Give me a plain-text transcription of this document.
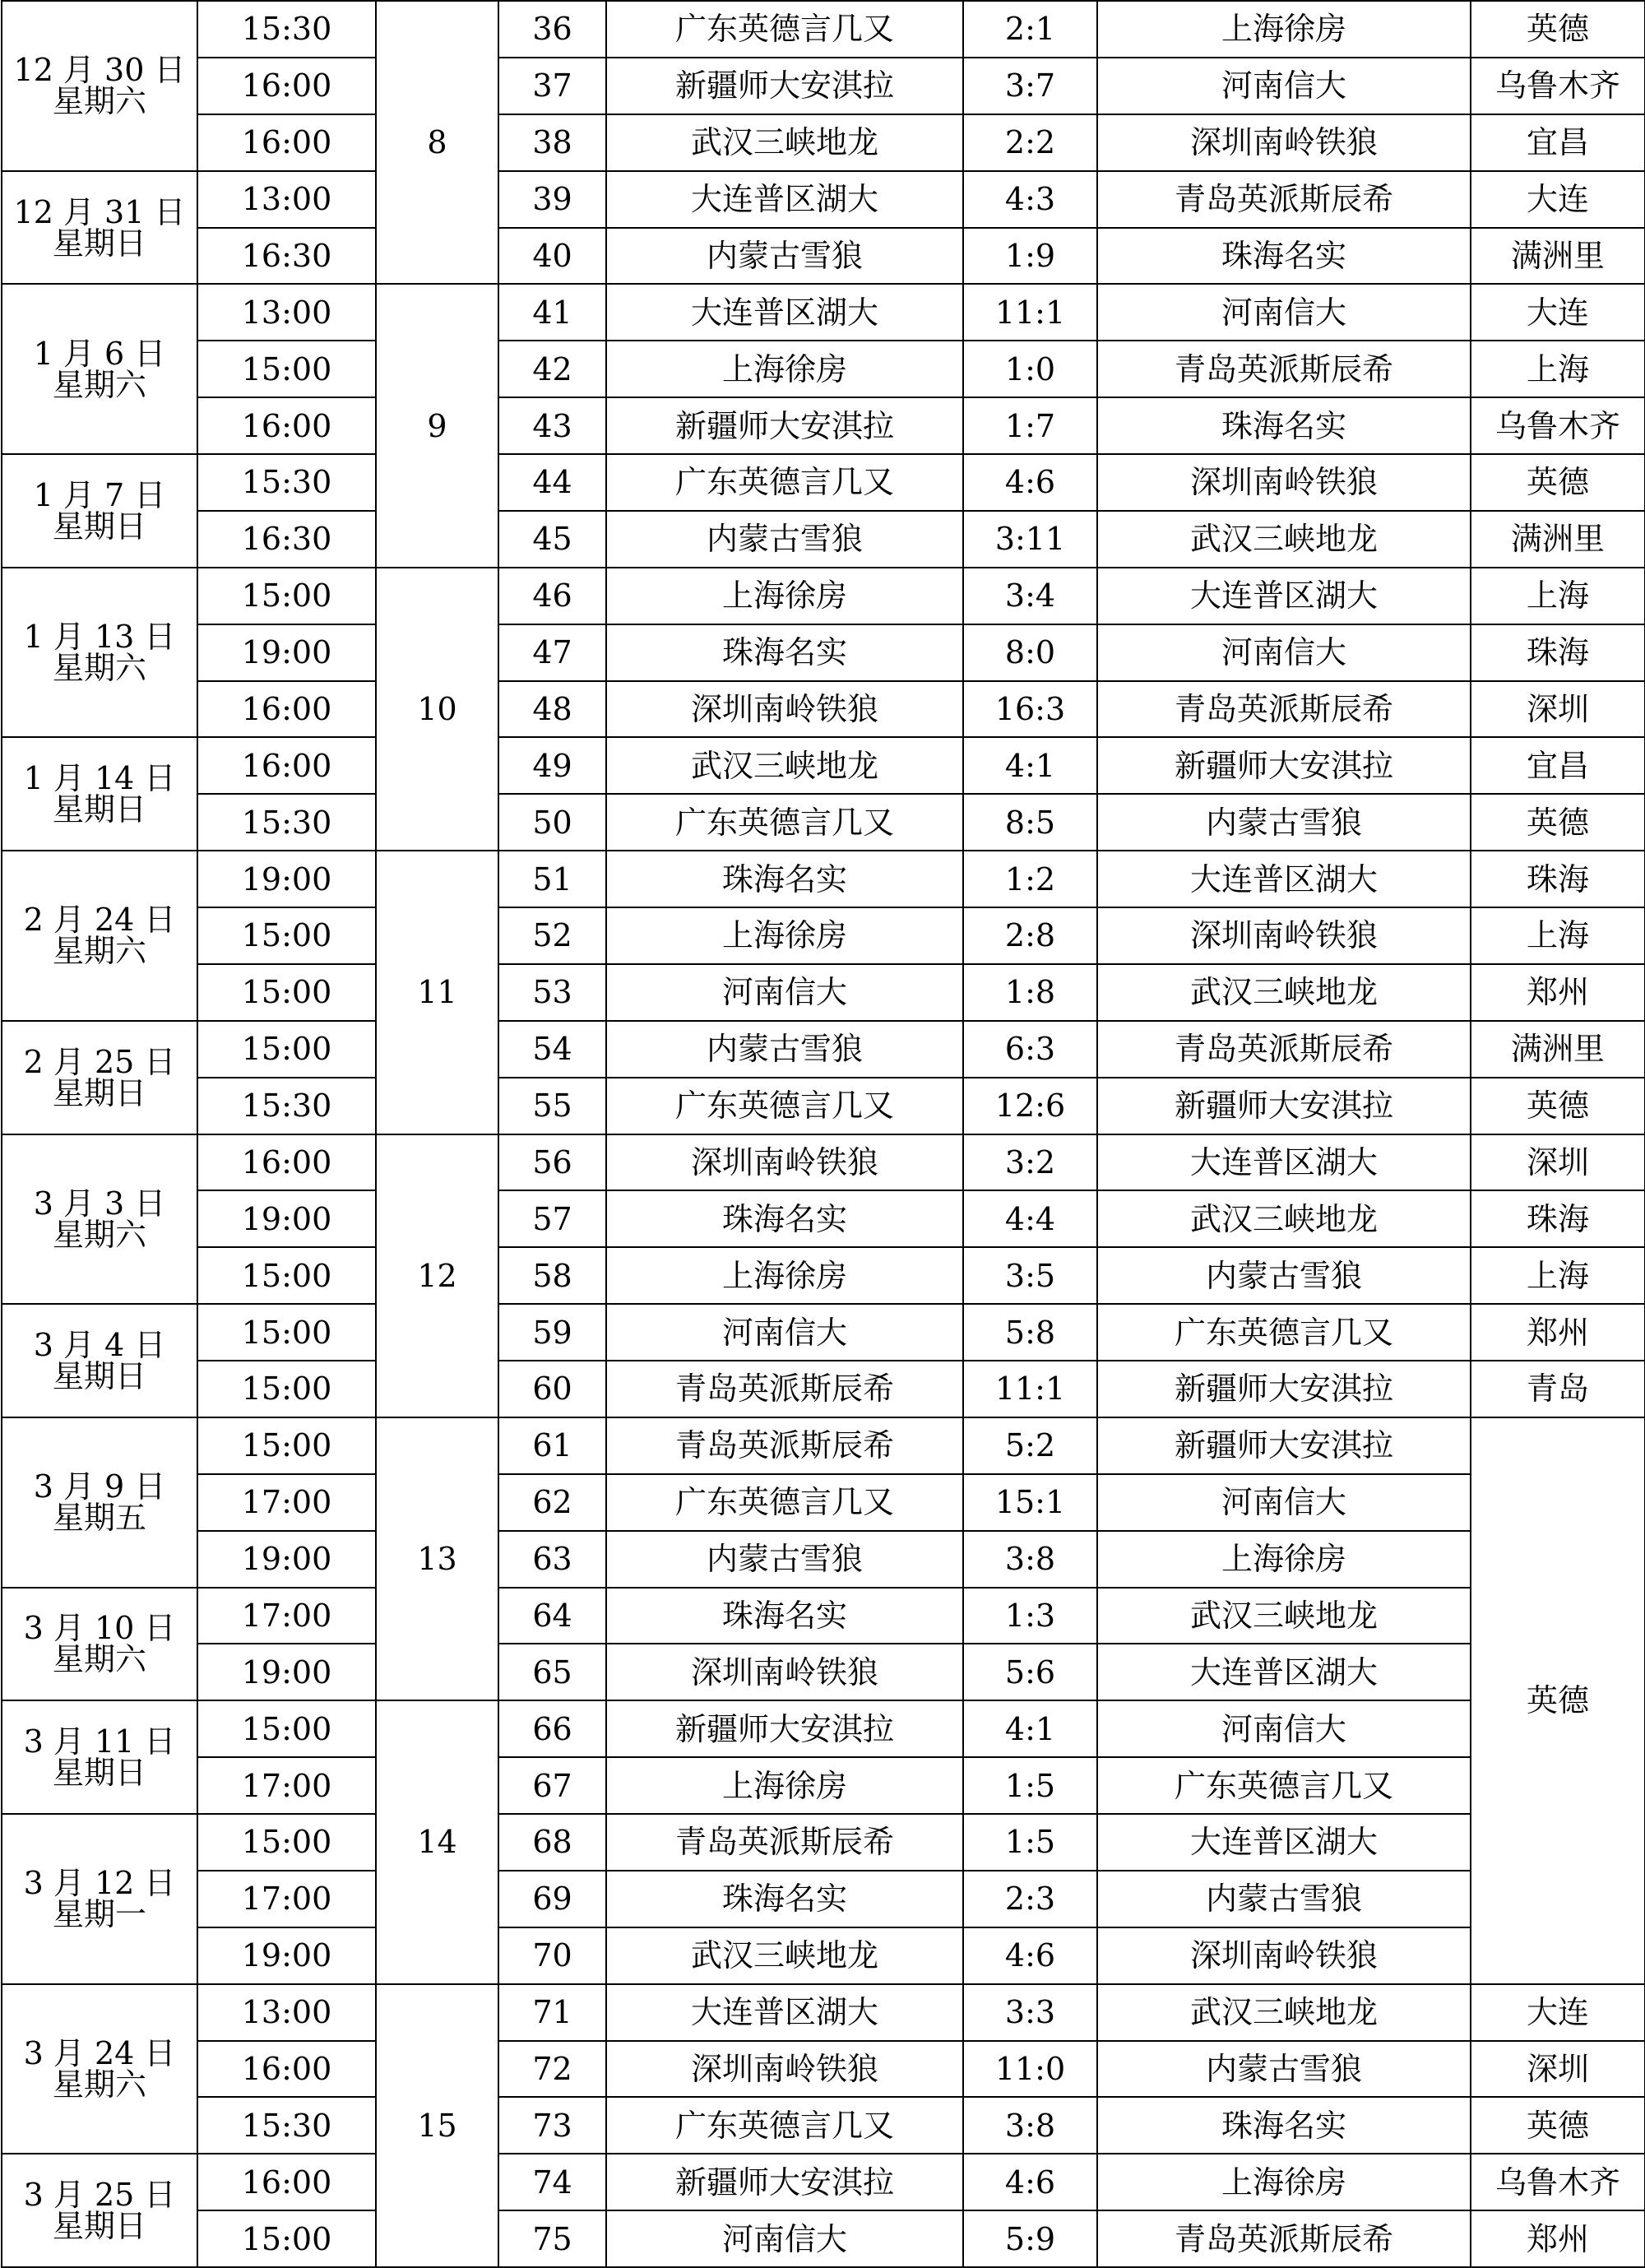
12 月 30 日
星期六	15:30	8	36	广东英德言几又	2:1	上海徐房	英德
	16:00		37	新疆师大安淇拉	3:7	河南信大	乌鲁木齐
	16:00		38	武汉三峡地龙	2:2	深圳南岭铁狼	宜昌

12 月 31 日
星期日	13:00		39	大连普区湖大	4:3	青岛英派斯辰希	大连
	16:30		40	内蒙古雪狼	1:9	珠海名实	满洲里

1 月 6 日
星期六	13:00	9	41	大连普区湖大	11:1	河南信大	大连
	15:00		42	上海徐房	1:0	青岛英派斯辰希	上海
	16:00		43	新疆师大安淇拉	1:7	珠海名实	乌鲁木齐

1 月 7 日
星期日	15:30		44	广东英德言几又	4:6	深圳南岭铁狼	英德
	16:30		45	内蒙古雪狼	3:11	武汉三峡地龙	满洲里

1 月 13 日
星期六	15:00	10	46	上海徐房	3:4	大连普区湖大	上海
	19:00		47	珠海名实	8:0	河南信大	珠海
	16:00		48	深圳南岭铁狼	16:3	青岛英派斯辰希	深圳

1 月 14 日
星期日	16:00		49	武汉三峡地龙	4:1	新疆师大安淇拉	宜昌
	15:30		50	广东英德言几又	8:5	内蒙古雪狼	英德

2 月 24 日
星期六	19:00	11	51	珠海名实	1:2	大连普区湖大	珠海
	15:00		52	上海徐房	2:8	深圳南岭铁狼	上海
	15:00		53	河南信大	1:8	武汉三峡地龙	郑州

2 月 25 日
星期日	15:00		54	内蒙古雪狼	6:3	青岛英派斯辰希	满洲里
	15:30		55	广东英德言几又	12:6	新疆师大安淇拉	英德

3 月 3 日
星期六	16:00	12	56	深圳南岭铁狼	3:2	大连普区湖大	深圳
	19:00		57	珠海名实	4:4	武汉三峡地龙	珠海
	15:00		58	上海徐房	3:5	内蒙古雪狼	上海

3 月 4 日
星期日	15:00		59	河南信大	5:8	广东英德言几又	郑州
	15:00		60	青岛英派斯辰希	11:1	新疆师大安淇拉	青岛

3 月 9 日
星期五	15:00	13	61	青岛英派斯辰希	5:2	新疆师大安淇拉	英德
	17:00		62	广东英德言几又	15:1	河南信大	
	19:00		63	内蒙古雪狼	3:8	上海徐房	

3 月 10 日
星期六	17:00		64	珠海名实	1:3	武汉三峡地龙	
	19:00		65	深圳南岭铁狼	5:6	大连普区湖大	

3 月 11 日
星期日	15:00	14	66	新疆师大安淇拉	4:1	河南信大	
	17:00		67	上海徐房	1:5	广东英德言几又	

3 月 12 日
星期一	15:00		68	青岛英派斯辰希	1:5	大连普区湖大	
	17:00		69	珠海名实	2:3	内蒙古雪狼	
	19:00		70	武汉三峡地龙	4:6	深圳南岭铁狼	

3 月 24 日
星期六	13:00	15	71	大连普区湖大	3:3	武汉三峡地龙	大连
	16:00		72	深圳南岭铁狼	11:0	内蒙古雪狼	深圳
	15:30		73	广东英德言几又	3:8	珠海名实	英德

3 月 25 日
星期日	16:00		74	新疆师大安淇拉	4:6	上海徐房	乌鲁木齐
	15:00		75	河南信大	5:9	青岛英派斯辰希	郑州
